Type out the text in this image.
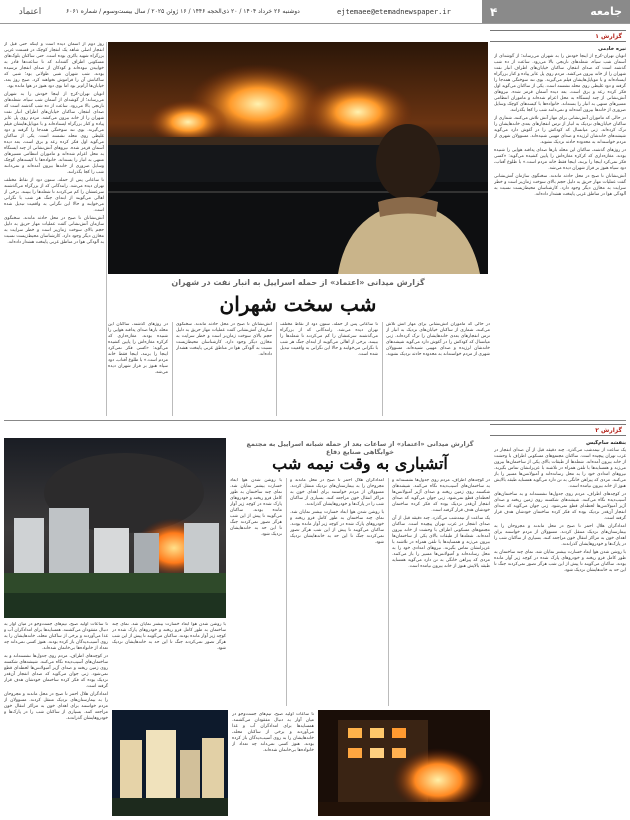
اعتماد	دوشنبه ۲۶ خرداد ۱۴۰۴ / ۲۰ ذی‌الحجه ۱۴۴۶ / ۱۶ ژوئن ۲۰۲۵ / سال بیست‌وسوم / شماره ۶۰۶۱	ejtemaee@etemadnewspaper.ir	جامعه
۴
گزارش ۱
نیره خادمی

اتوبان تهران-کرج از اینجا خودش را به شهران می‌رساند؛ از گوشه‌ای از آسمان شب سیاه، شعله‌های نارنجی بالا می‌رود. ساعت از ده شب گذشته است که صدای انفجار، ساکنان خیابان‌های اطراف انبار نفت شهران را از خانه بیرون می‌کشد. مردم روی پل عابر پیاده و کنار بزرگراه ایستاده‌اند و با موبایل‌هایشان فیلم می‌گیرند. بوی تند سوختگی همه‌جا را گرفته و دود غلیظی روی محله نشسته است. یکی از ساکنان می‌گوید اول فکر کرده رعد و برق است، بعد دیده آسمان قرمز شده. نیروهای آتش‌نشانی از چند ایستگاه به محل اعزام شده‌اند و ماموران انتظامی مسیرهای منتهی به انبار را بسته‌اند. خانواده‌ها با کیسه‌های کوچک وسایل ضروری از خانه‌ها بیرون آمده‌اند و نمی‌دانند شب را کجا بگذرانند.

در حالی که ماموران آتش‌نشانی برای مهار آتش تلاش می‌کنند، شماری از ساکنان خیابان‌های نزدیک به انبار از ترس انفجارهای بعدی خانه‌هایشان را ترک کرده‌اند. زنی میانسال که کودکش را در آغوش دارد می‌گوید شیشه‌های خانه‌شان لرزیده و صدای مهیبی شنیده‌اند. مسوولان شهری از مردم خواسته‌اند به محدوده حادثه نزدیک نشوند.

در روزهای گذشته، ساکنان این محله بارها صدای پدافند هوایی را شنیده بودند. مغازه‌داری که کرکره مغازه‌اش را پایین کشیده می‌گوید: «کسی فکر نمی‌کرد اینجا را بزنند، اینجا فقط خانه مردم است.» با طلوع آفتاب، دود سیاه هنوز بر فراز شهران دیده می‌شد.

آتش‌نشانان تا صبح در محل حادثه ماندند. سخنگوی سازمان آتش‌نشانی گفت عملیات مهار حریق به دلیل حجم بالای سوخت زمان‌بر است و خطر سرایت به مخازن دیگر وجود دارد. کارشناسان محیط‌زیست نسبت به آلودگی هوا در مناطق غربی پایتخت هشدار داده‌اند.

گزارش میدانی «اعتماد» از حمله اسراییل به انبار نفت در شهران
شب سخت شهران

در حالی که ماموران آتش‌نشانی برای مهار آتش تلاش می‌کنند، شماری از ساکنان خیابان‌های نزدیک به انبار از ترس انفجارهای بعدی خانه‌هایشان را ترک کرده‌اند. زنی میانسال که کودکش را در آغوش دارد می‌گوید شیشه‌های خانه‌شان لرزیده و صدای مهیبی شنیده‌اند. مسوولان شهری از مردم خواسته‌اند به محدوده حادثه نزدیک نشوند.

تا ساعاتی پس از حمله، ستون دود از نقاط مختلف تهران دیده می‌شد. رانندگانی که از بزرگراه می‌گذشتند سرعتشان را کم می‌کردند تا شعله‌ها را ببینند. برخی از اهالی می‌گویند از ابتدای جنگ هر شب با نگرانی می‌خوابند و حالا این نگرانی به واقعیت تبدیل شده است.

آتش‌نشانان تا صبح در محل حادثه ماندند. سخنگوی سازمان آتش‌نشانی گفت عملیات مهار حریق به دلیل حجم بالای سوخت زمان‌بر است و خطر سرایت به مخازن دیگر وجود دارد. کارشناسان محیط‌زیست نسبت به آلودگی هوا در مناطق غربی پایتخت هشدار داده‌اند.

در روزهای گذشته، ساکنان این محله بارها صدای پدافند هوایی را شنیده بودند. مغازه‌داری که کرکره مغازه‌اش را پایین کشیده می‌گوید: «کسی فکر نمی‌کرد اینجا را بزنند، اینجا فقط خانه مردم است.» با طلوع آفتاب، دود سیاه هنوز بر فراز شهران دیده می‌شد.

روز دوم از آسمان دیده است و اینکه حتی قبل از انفجار اصلی شاهد یک انفجار کوچک در قسمت غربی بزرگراه شهید باکری بوده است. حتی ساکنان بلوک‌های مسکونی اطراف گفته‌اند که تا ساعت‌ها قادر به خوابیدن نبوده‌اند و کودکان از صدای انفجار ترسیده بودند. شب شهران شبی طولانی بود؛ شبی که ساکنانش آن را فراموش نخواهند کرد. صبح روز بعد، خیابان‌ها آرام‌تر بود اما بوی دود هنوز در هوا مانده بود.

اتوبان تهران-کرج از اینجا خودش را به شهران می‌رساند؛ از گوشه‌ای از آسمان شب سیاه، شعله‌های نارنجی بالا می‌رود. ساعت از ده شب گذشته است که صدای انفجار، ساکنان خیابان‌های اطراف انبار نفت شهران را از خانه بیرون می‌کشد. مردم روی پل عابر پیاده و کنار بزرگراه ایستاده‌اند و با موبایل‌هایشان فیلم می‌گیرند. بوی تند سوختگی همه‌جا را گرفته و دود غلیظی روی محله نشسته است. یکی از ساکنان می‌گوید اول فکر کرده رعد و برق است، بعد دیده آسمان قرمز شده. نیروهای آتش‌نشانی از چند ایستگاه به محل اعزام شده‌اند و ماموران انتظامی مسیرهای منتهی به انبار را بسته‌اند. خانواده‌ها با کیسه‌های کوچک وسایل ضروری از خانه‌ها بیرون آمده‌اند و نمی‌دانند شب را کجا بگذرانند.

تا ساعاتی پس از حمله، ستون دود از نقاط مختلف تهران دیده می‌شد. رانندگانی که از بزرگراه می‌گذشتند سرعتشان را کم می‌کردند تا شعله‌ها را ببینند. برخی از اهالی می‌گویند از ابتدای جنگ هر شب با نگرانی می‌خوابند و حالا این نگرانی به واقعیت تبدیل شده است.

آتش‌نشانان تا صبح در محل حادثه ماندند. سخنگوی سازمان آتش‌نشانی گفت عملیات مهار حریق به دلیل حجم بالای سوخت زمان‌بر است و خطر سرایت به مخازن دیگر وجود دارد. کارشناسان محیط‌زیست نسبت به آلودگی هوا در مناطق غربی پایتخت هشدار داده‌اند.

گزارش ۲
گزارش میدانی «اعتماد» از ساعات بعد از حمله شبانه اسراییل به مجتمع خوابگاهی صنایع دفاع
آتشباری به وقت نیمه شب
بنفشه سام‌گیس

یک ساعت از نیمه‌شب می‌گذرد. چند دقیقه قبل از آن صدای انفجار در غرب تهران پیچیده است. ساکنان مجتمع‌های مسکونی اطراف با وحشت از خانه بیرون آمده‌اند. شعله‌ها از طبقات بالای یکی از ساختمان‌ها بیرون می‌زند و همسایه‌ها با تلفن همراه در تلاشند با عزیزانشان تماس بگیرند. نیروهای امدادی خود را به محل رسانده‌اند و آمبولانس‌ها مسیر را باز می‌کنند. مردی که پیراهن خانگی به تن دارد می‌گوید همسایه طبقه بالایش هنوز از خانه بیرون نیامده است.

در کوچه‌های اطراف، مردم روی جدول‌ها نشسته‌اند و به ساختمان‌های آسیب‌دیده نگاه می‌کنند. شیشه‌های شکسته روی زمین ریخته و صدای آژیر آمبولانس‌ها لحظه‌ای قطع نمی‌شود. زنی جوان می‌گوید که صدای انفجار آن‌قدر نزدیک بوده که فکر کرده ساختمان خودشان هدف قرار گرفته است.

امدادگران هلال احمر تا صبح در محل ماندند و مجروحان را به بیمارستان‌های نزدیک منتقل کردند. مسوولان از مردم خواستند برای اهدای خون به مراکز انتقال خون مراجعه کنند. بسیاری از ساکنان شب را در پارک‌ها و خودروهایشان گذراندند.

با روشن شدن هوا ابعاد خسارت بیشتر نمایان شد. نمای چند ساختمان به طور کامل فرو ریخته و خودروهای پارک شده در کوچه زیر آوار مانده بودند. ساکنان می‌گویند تا پیش از این شب هرگز تصور نمی‌کردند جنگ تا این حد به خانه‌هایشان نزدیک شود.

در کوچه‌های اطراف، مردم روی جدول‌ها نشسته‌اند و به ساختمان‌های آسیب‌دیده نگاه می‌کنند. شیشه‌های شکسته روی زمین ریخته و صدای آژیر آمبولانس‌ها لحظه‌ای قطع نمی‌شود. زنی جوان می‌گوید که صدای انفجار آن‌قدر نزدیک بوده که فکر کرده ساختمان خودشان هدف قرار گرفته است.

یک ساعت از نیمه‌شب می‌گذرد. چند دقیقه قبل از آن صدای انفجار در غرب تهران پیچیده است. ساکنان مجتمع‌های مسکونی اطراف با وحشت از خانه بیرون آمده‌اند. شعله‌ها از طبقات بالای یکی از ساختمان‌ها بیرون می‌زند و همسایه‌ها با تلفن همراه در تلاشند با عزیزانشان تماس بگیرند. نیروهای امدادی خود را به محل رسانده‌اند و آمبولانس‌ها مسیر را باز می‌کنند. مردی که پیراهن خانگی به تن دارد می‌گوید همسایه طبقه بالایش هنوز از خانه بیرون نیامده است.

امدادگران هلال احمر تا صبح در محل ماندند و مجروحان را به بیمارستان‌های نزدیک منتقل کردند. مسوولان از مردم خواستند برای اهدای خون به مراکز انتقال خون مراجعه کنند. بسیاری از ساکنان شب را در پارک‌ها و خودروهایشان گذراندند.

با روشن شدن هوا ابعاد خسارت بیشتر نمایان شد. نمای چند ساختمان به طور کامل فرو ریخته و خودروهای پارک شده در کوچه زیر آوار مانده بودند. ساکنان می‌گویند تا پیش از این شب هرگز تصور نمی‌کردند جنگ تا این حد به خانه‌هایشان نزدیک شود.

با روشن شدن هوا ابعاد خسارت بیشتر نمایان شد. نمای چند ساختمان به طور کامل فرو ریخته و خودروهای پارک شده در کوچه زیر آوار مانده بودند. ساکنان می‌گویند تا پیش از این شب هرگز تصور نمی‌کردند جنگ تا این حد به خانه‌هایشان نزدیک شود.

تا ساعات اولیه صبح، تیم‌های جست‌وجو در میان آوار به دنبال مفقودان می‌گشتند. همسایه‌ها برای امدادگران آب و غذا می‌آوردند و برخی از ساکنان محله، خانه‌هایشان را به روی آسیب‌دیدگان باز کرده بودند. هنوز کسی نمی‌داند چه تعداد از خانواده‌ها بی‌خانمان شده‌اند.

در کوچه‌های اطراف، مردم روی جدول‌ها نشسته‌اند و به ساختمان‌های آسیب‌دیده نگاه می‌کنند. شیشه‌های شکسته روی زمین ریخته و صدای آژیر آمبولانس‌ها لحظه‌ای قطع نمی‌شود. زنی جوان می‌گوید که صدای انفجار آن‌قدر نزدیک بوده که فکر کرده ساختمان خودشان هدف قرار گرفته است.

امدادگران هلال احمر تا صبح در محل ماندند و مجروحان را به بیمارستان‌های نزدیک منتقل کردند. مسوولان از مردم خواستند برای اهدای خون به مراکز انتقال خون مراجعه کنند. بسیاری از ساکنان شب را در پارک‌ها و خودروهایشان گذراندند.

با روشن شدن هوا ابعاد خسارت بیشتر نمایان شد. نمای چند ساختمان به طور کامل فرو ریخته و خودروهای پارک شده در کوچه زیر آوار مانده بودند. ساکنان می‌گویند تا پیش از این شب هرگز تصور نمی‌کردند جنگ تا این حد به خانه‌هایشان نزدیک شود.

تا ساعات اولیه صبح، تیم‌های جست‌وجو در میان آوار به دنبال مفقودان می‌گشتند. همسایه‌ها برای امدادگران آب و غذا می‌آوردند و برخی از ساکنان محله، خانه‌هایشان را به روی آسیب‌دیدگان باز کرده بودند. هنوز کسی نمی‌داند چه تعداد از خانواده‌ها بی‌خانمان شده‌اند.
